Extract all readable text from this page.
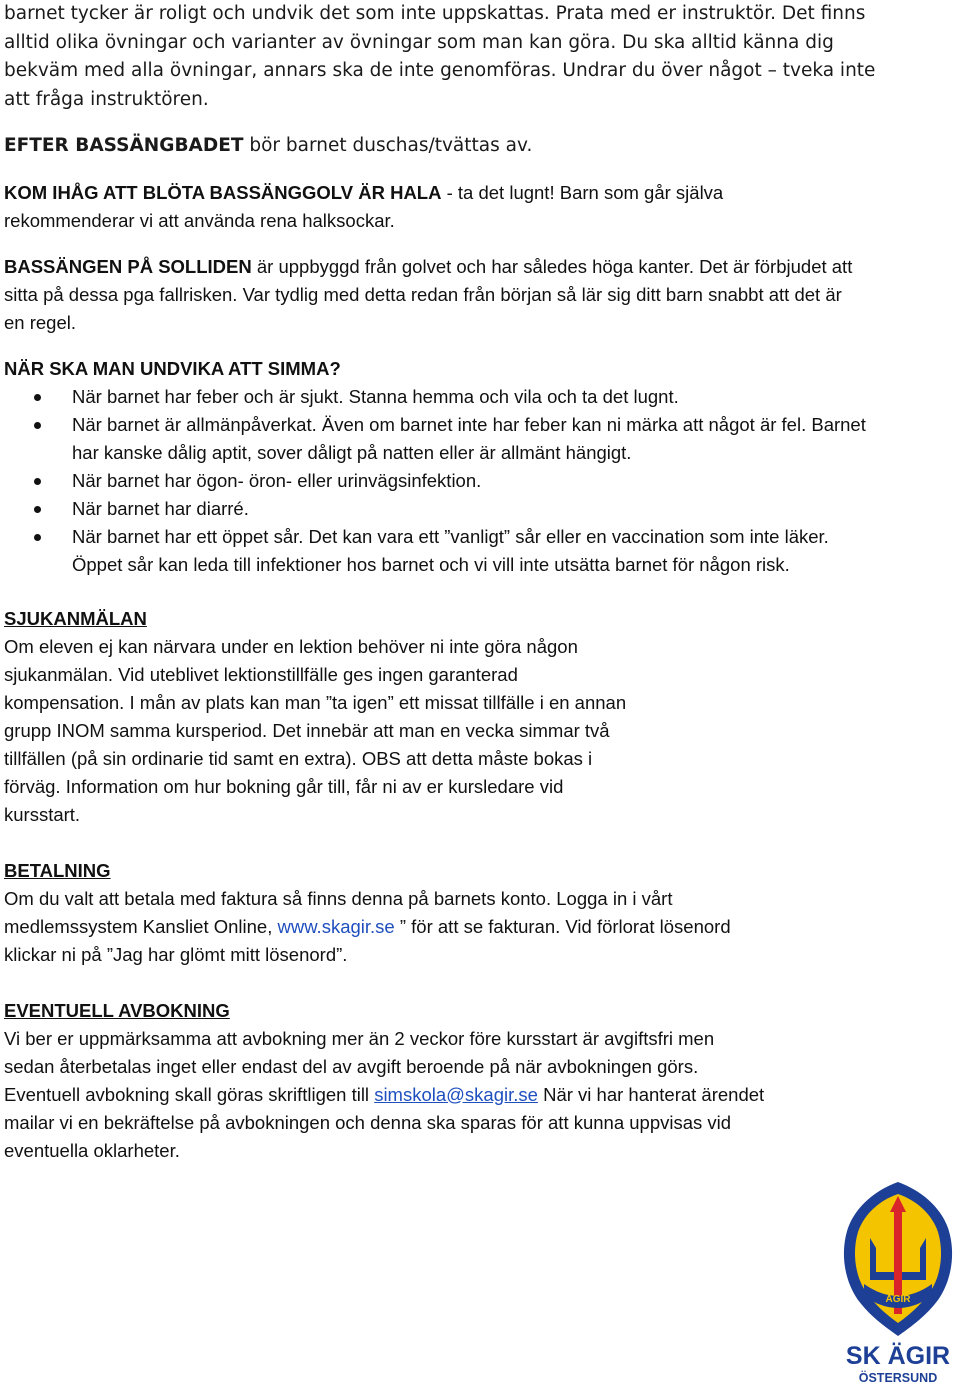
barnet tycker är roligt och undvik det som inte uppskattas. Prata med er instruktör. Det finns alltid olika övningar och varianter av övningar som man kan göra. Du ska alltid känna dig bekväm med alla övningar, annars ska de inte genomföras. Undrar du över något – tveka inte att fråga instruktören.

EFTER BASSÄNGBADET bör barnet duschas/tvättas av.

KOM IHÅG ATT BLÖTA BASSÄNGGOLV ÄR HALA - ta det lugnt! Barn som går själva rekommenderar vi att använda rena halksockar.

BASSÄNGEN PÅ SOLLIDEN är uppbyggd från golvet och har således höga kanter. Det är förbjudet att sitta på dessa pga fallrisken. Var tydlig med detta redan från början så lär sig ditt barn snabbt att det är en regel.

NÄR SKA MAN UNDVIKA ATT SIMMA?

När barnet har feber och är sjukt. Stanna hemma och vila och ta det lugnt.
När barnet är allmänpåverkat. Även om barnet inte har feber kan ni märka att något är fel. Barnet har kanske dålig aptit, sover dåligt på natten eller är allmänt hängigt.
När barnet har ögon- öron- eller urinvägsinfektion.
När barnet har diarré.
När barnet har ett öppet sår. Det kan vara ett ”vanligt” sår eller en vaccination som inte läker. Öppet sår kan leda till infektioner hos barnet och vi vill inte utsätta barnet för någon risk.

SJUKANMÄLAN

Om eleven ej kan närvara under en lektion behöver ni inte göra någon

sjukanmälan. Vid uteblivet lektionstillfälle ges ingen garanterad

kompensation. I mån av plats kan man ”ta igen” ett missat tillfälle i en annan

grupp INOM samma kursperiod. Det innebär att man en vecka simmar två

tillfällen (på sin ordinarie tid samt en extra). OBS att detta måste bokas i

förväg. Information om hur bokning går till, får ni av er kursledare vid

kursstart.

BETALNING

Om du valt att betala med faktura så finns denna på barnets konto. Logga in i vårt

medlemssystem Kansliet Online, www.skagir.se ” för att se fakturan. Vid förlorat lösenord

klickar ni på ”Jag har glömt mitt lösenord”.

EVENTUELL AVBOKNING

Vi ber er uppmärksamma att avbokning mer än 2 veckor före kursstart är avgiftsfri men

sedan återbetalas inget eller endast del av avgift beroende på när avbokningen görs.

Eventuell avbokning skall göras skriftligen till simskola@skagir.se När vi har hanterat ärendet

mailar vi en bekräftelse på avbokningen och denna ska sparas för att kunna uppvisas vid

eventuella oklarheter.

ÄGIR
SK ÄGIR
ÖSTERSUND
